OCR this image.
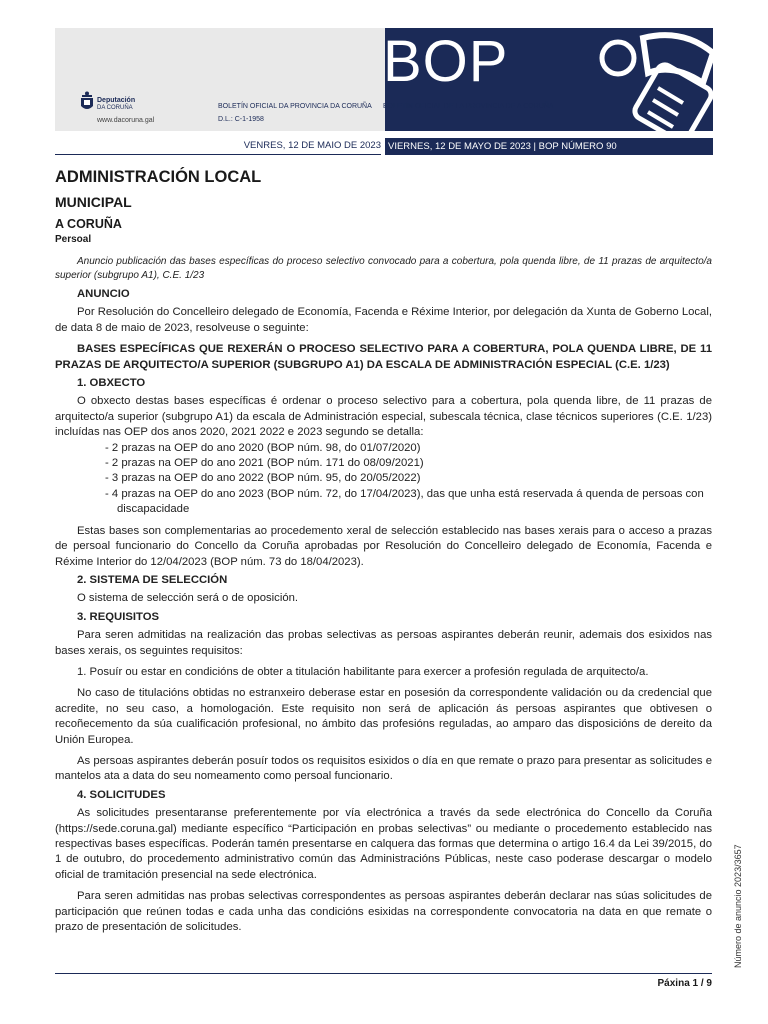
BOP
Deputación
DA CORUÑA
www.dacoruna.gal
BOLETÍN OFICIAL DA PROVINCIA DA CORUÑA BOLETÍN OFICIAL DE LA PROVINCIA DE A CORUÑA
D.L.: C-1-1958
VENRES, 12 DE MAIO DE 2023 VIERNES, 12 DE MAYO DE 2023 | BOP NÚMERO 90
ADMINISTRACIÓN LOCAL
MUNICIPAL
A CORUÑA
Persoal

Anuncio publicación das bases específicas do proceso selectivo convocado para a cobertura, pola quenda libre, de 11 prazas de arquitecto/a superior (subgrupo A1), C.E. 1/23

ANUNCIO

Por Resolución do Concelleiro delegado de Economía, Facenda e Réxime Interior, por delegación da Xunta de Goberno Local, de data 8 de maio de 2023, resolveuse o seguinte:

BASES ESPECÍFICAS QUE REXERÁN O PROCESO SELECTIVO PARA A COBERTURA, POLA QUENDA LIBRE, DE 11 PRAZAS DE ARQUITECTO/A SUPERIOR (SUBGRUPO A1) DA ESCALA DE ADMINISTRACIÓN ESPECIAL (C.E. 1/23)

1. OBXECTO

O obxecto destas bases específicas é ordenar o proceso selectivo para a cobertura, pola quenda libre, de 11 prazas de arquitecto/a superior (subgrupo A1) da escala de Administración especial, subescala técnica, clase técnicos superiores (C.E. 1/23) incluídas nas OEP dos anos 2020, 2021 2022 e 2023 segundo se detalla:

- 2 prazas na OEP do ano 2020 (BOP núm. 98, do 01/07/2020)
- 2 prazas na OEP do ano 2021 (BOP núm. 171 do 08/09/2021)
- 3 prazas na OEP do ano 2022 (BOP núm. 95, do 20/05/2022)
- 4 prazas na OEP do ano 2023 (BOP núm. 72, do 17/04/2023), das que unha está reservada á quenda de persoas con discapacidade

Estas bases son complementarias ao procedemento xeral de selección establecido nas bases xerais para o acceso a prazas de persoal funcionario do Concello da Coruña aprobadas por Resolución do Concelleiro delegado de Economía, Facenda e Réxime Interior do 12/04/2023 (BOP núm. 73 do 18/04/2023).

2. SISTEMA DE SELECCIÓN

O sistema de selección será o de oposición.

3. REQUISITOS

Para seren admitidas na realización das probas selectivas as persoas aspirantes deberán reunir, ademais dos esixidos nas bases xerais, os seguintes requisitos:

1. Posuír ou estar en condicións de obter a titulación habilitante para exercer a profesión regulada de arquitecto/a.

No caso de titulacións obtidas no estranxeiro deberase estar en posesión da correspondente validación ou da credencial que acredite, no seu caso, a homologación. Este requisito non será de aplicación ás persoas aspirantes que obtivesen o recoñecemento da súa cualificación profesional, no ámbito das profesións reguladas, ao amparo das disposicións de dereito da Unión Europea.

As persoas aspirantes deberán posuír todos os requisitos esixidos o día en que remate o prazo para presentar as solicitudes e mantelos ata a data do seu nomeamento como persoal funcionario.

4. SOLICITUDES

As solicitudes presentaranse preferentemente por vía electrónica a través da sede electrónica do Concello da Coruña (https://sede.coruna.gal) mediante específico “Participación en probas selectivas” ou mediante o procedemento establecido nas respectivas bases específicas. Poderán tamén presentarse en calquera das formas que determina o artigo 16.4 da Lei 39/2015, do 1 de outubro, do procedemento administrativo común das Administracións Públicas, neste caso poderase descargar o modelo oficial de tramitación presencial na sede electrónica.

Para seren admitidas nas probas selectivas correspondentes as persoas aspirantes deberán declarar nas súas solicitudes de participación que reúnen todas e cada unha das condicións esixidas na correspondente convocatoria na data en que remate o prazo de presentación de solicitudes.

Páxina 1 / 9
Número de anuncio 2023/3657
